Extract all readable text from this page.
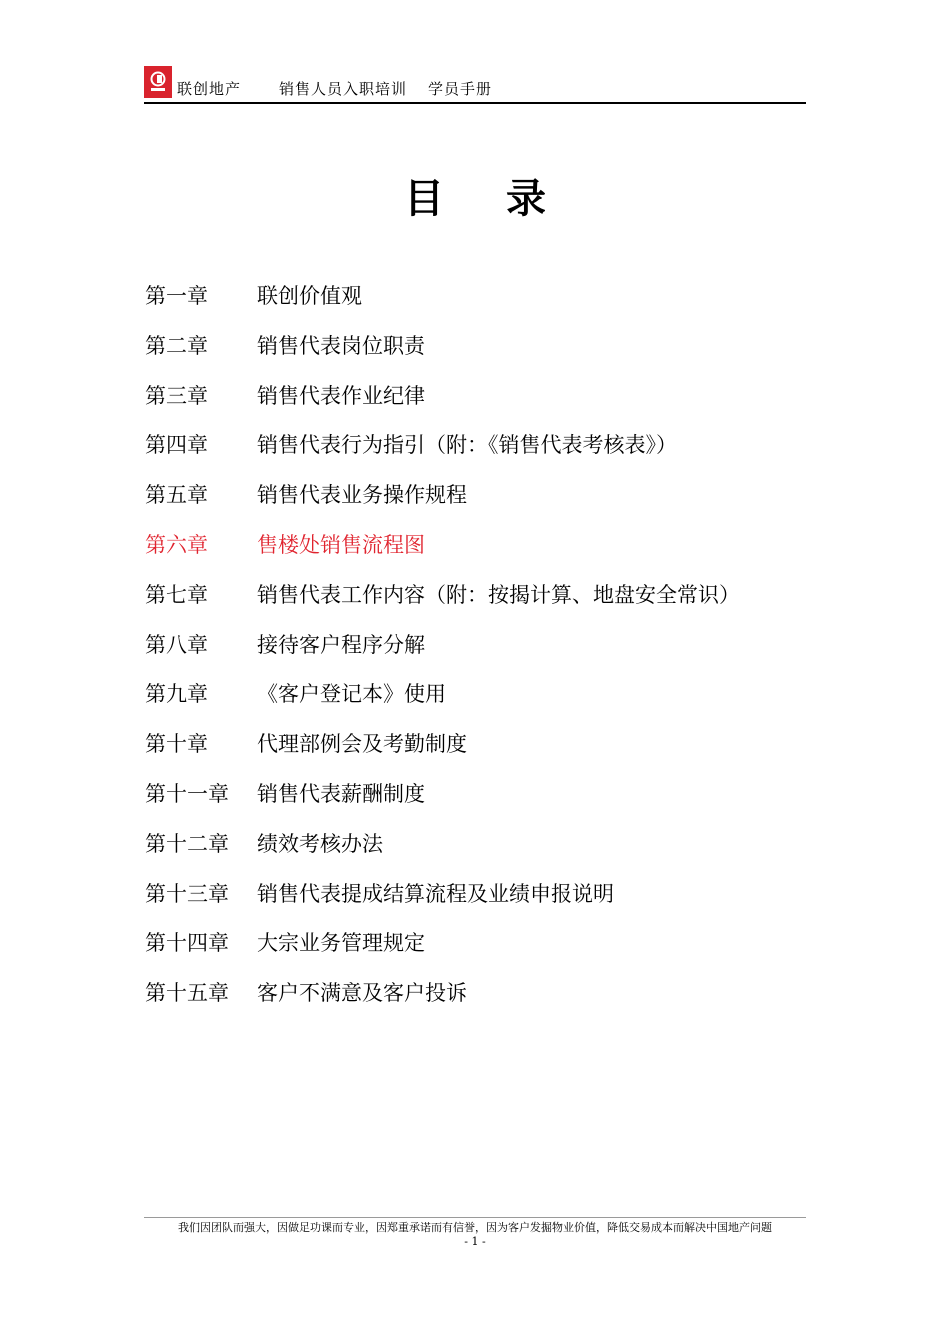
联创地产	销售人员入职培训 学员手册
目 录
第一章	联创价值观
第二章	销售代表岗位职责
第三章	销售代表作业纪律
第四章	销售代表行为指引（附：《销售代表考核表》）
第五章	销售代表业务操作规程
第六章	售楼处销售流程图
第七章	销售代表工作内容（附：按揭计算、地盘安全常识）
第八章	接待客户程序分解
第九章	《客户登记本》使用
第十章	代理部例会及考勤制度
第十一章	销售代表薪酬制度
第十二章	绩效考核办法
第十三章	销售代表提成结算流程及业绩申报说明
第十四章	大宗业务管理规定
第十五章	客户不满意及客户投诉
我们因团队而强大，因做足功课而专业，因郑重承诺而有信誉，因为客户发掘物业价值，降低交易成本而解决中国地产问题
- 1 -
